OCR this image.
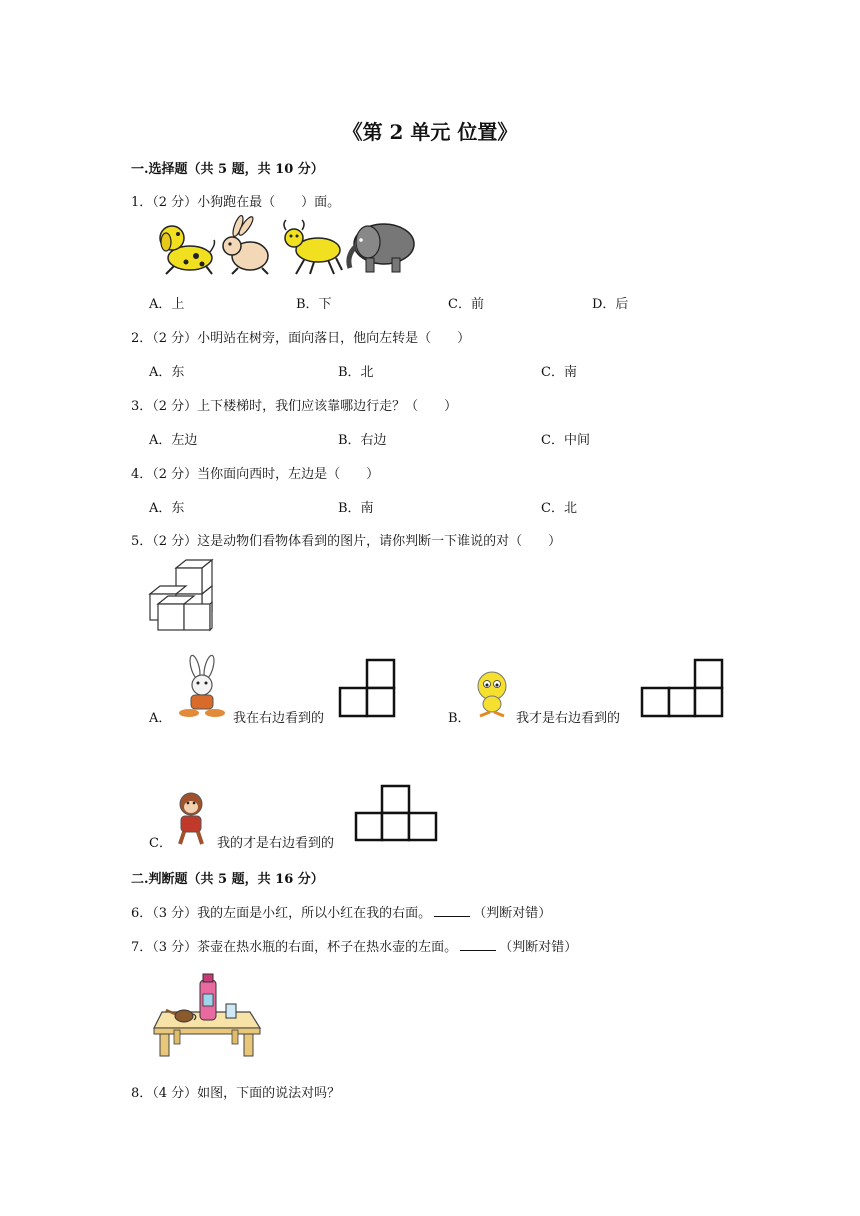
《第 2 单元 位置》
一.选择题（共 5 题，共 10 分）
1．（2 分）小狗跑在最（　　）面。
A．上	B．下	C．前	D．后
2．（2 分）小明站在树旁，面向落日，他向左转是（　　）
A．东	B．北	C．南
3．（2 分）上下楼梯时，我们应该靠哪边行走？（　　）
A．左边	B．右边	C．中间
4．（2 分）当你面向西时，左边是（　　）
A．东	B．南	C．北
5．（2 分）这是动物们看物体看到的图片，请你判断一下谁说的对（　　）
A．	我在右边看到的	B．	我才是右边看到的
C．	我的才是右边看到的
二.判断题（共 5 题，共 16 分）
6．（3 分）我的左面是小红，所以小红在我的右面。	（判断对错）
7．（3 分）茶壶在热水瓶的右面，杯子在热水壶的左面。	（判断对错）
8．（4 分）如图，下面的说法对吗？
